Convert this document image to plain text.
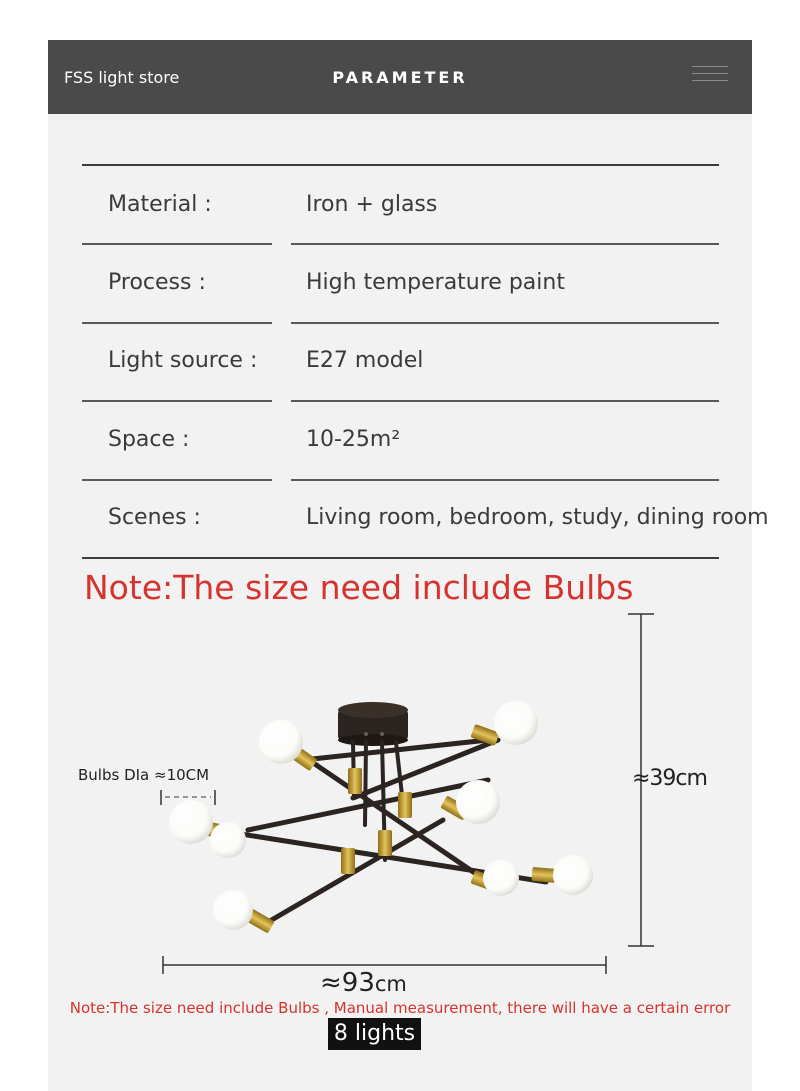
FSS light store	PARAMETER
Material :	Iron + glass
Process :	High temperature paint
Light source : E27 model
Space :	10-25m²
Scenes :	Living room, bedroom, study, dining room
Note:The size need include Bulbs
Bulbs DIa ≈10CM	≈39cm
≈93cm
Note:The size need include Bulbs , Manual measurement, there will have a certain error
8 lights
